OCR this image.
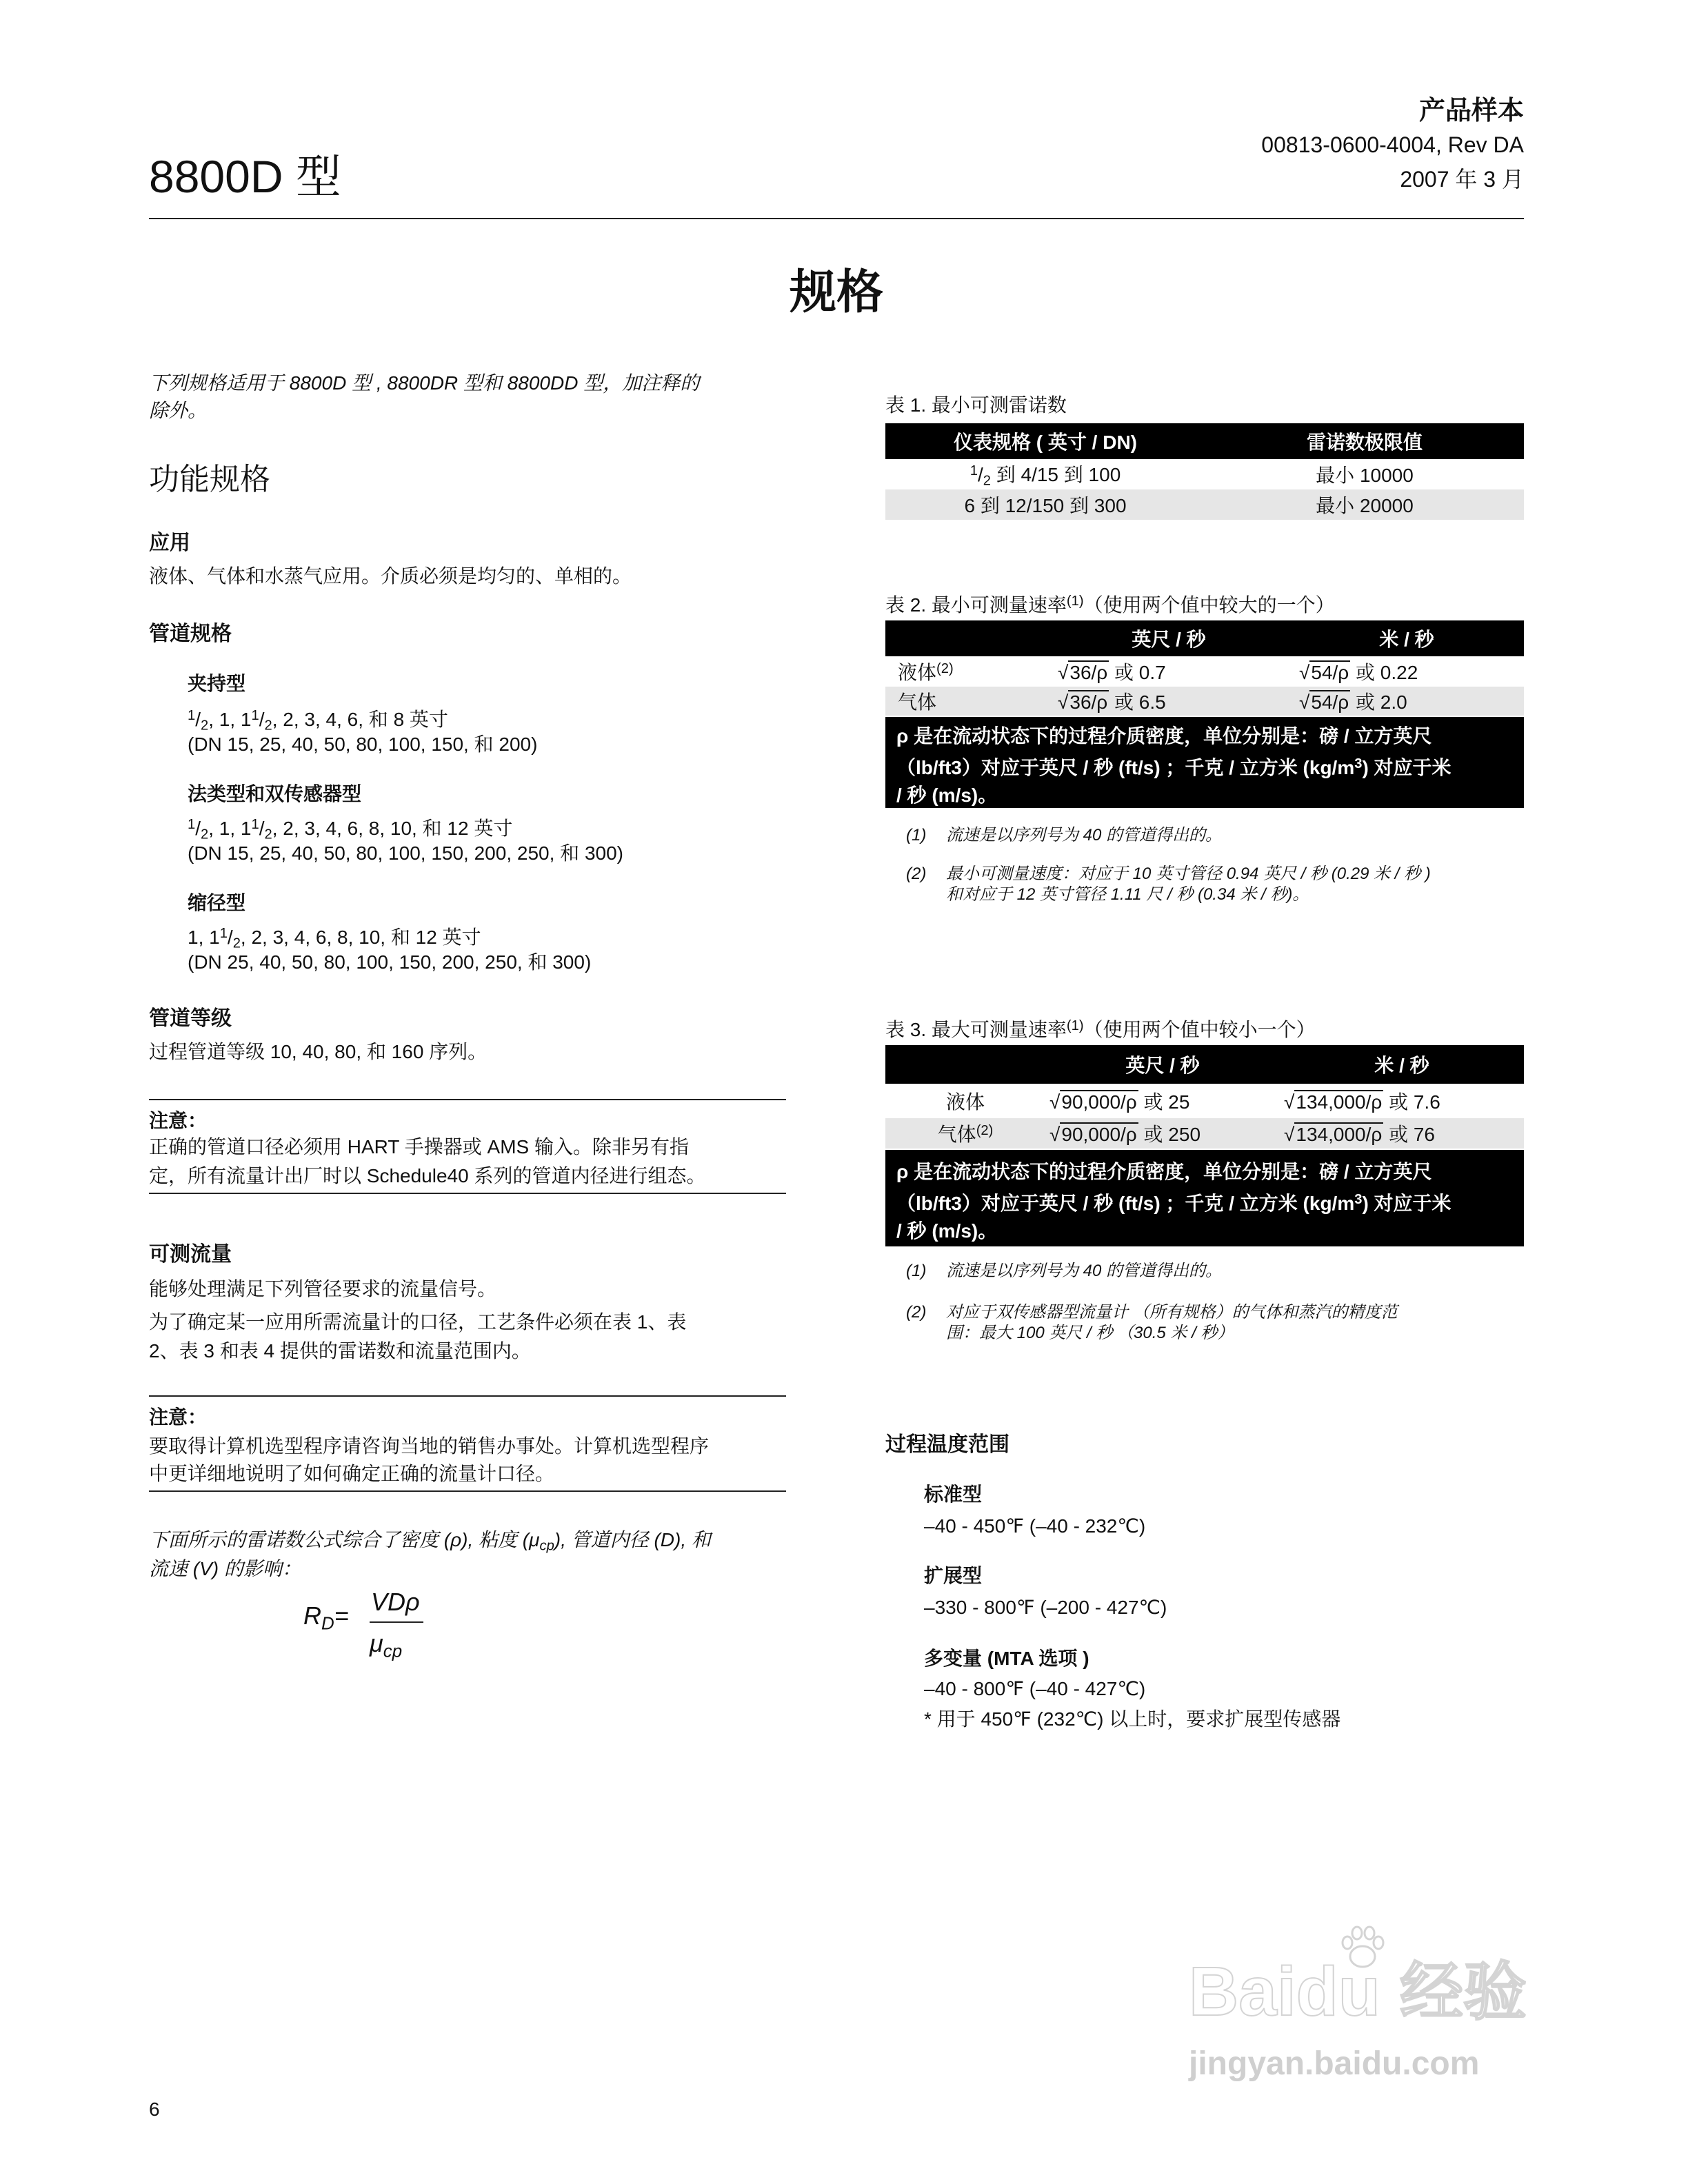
8800D 型
产品样本
00813-0600-4004, Rev DA
2007 年 3 月
规格
下列规格适用于 8800D 型 , 8800DR 型和 8800DD 型，加注释的
除外。
功能规格
应用
液体、气体和水蒸气应用。介质必须是均匀的、单相的。
管道规格
夹持型
$^1/_2$, 1, $1^1/_2$, 2, 3, 4, 6, 和 8 英寸
(DN 15, 25, 40, 50, 80, 100, 150, 和 200)
法类型和双传感器型
$^1/_2$, 1, $1^1/_2$, 2, 3, 4, 6, 8, 10, 和 12 英寸
(DN 15, 25, 40, 50, 80, 100, 150, 200, 250, 和 300)
缩径型
1, $1^1/_2$, 2, 3, 4, 6, 8, 10, 和 12 英寸
(DN 25, 40, 50, 80, 100, 150, 200, 250, 和 300)
管道等级
过程管道等级 10, 40, 80, 和 160 序列。
注意：
正确的管道口径必须用 HART 手操器或 AMS 输入。除非另有指
定，所有流量计出厂时以 Schedule40 系列的管道内径进行组态。
可测流量
能够处理满足下列管径要求的流量信号。
为了确定某一应用所需流量计的口径，工艺条件必须在表 1、表
2、表 3 和表 4 提供的雷诺数和流量范围内。
注意：
要取得计算机选型程序请咨询当地的销售办事处。计算机选型程序
中更详细地说明了如何确定正确的流量计口径。
下面所示的雷诺数公式综合了密度 (ρ), 粘度 $(\mu_{cp})$, 管道内径 (D), 和
流速 (V) 的影响：
$R_D= VD\rho$
$\mu_{cp}$
表 1. 最小可测雷诺数
仪表规格 ( 英寸 / DN)	雷诺数极限值
$^1/_2$ 到 4/15 到 100	最小 10000
6 到 12/150 到 300	最小 20000
表 2. 最小可测量速率$^{(1)}$（使用两个值中较大的一个）
	英尺 / 秒	米 / 秒
液体$^{(2)}$	√36/ρ 或 0.7	√54/ρ 或 0.22
气体	√36/ρ 或 6.5	√54/ρ 或 2.0
ρ 是在流动状态下的过程介质密度，单位分别是：磅 / 立方英尺
（lb/ft3）对应于英尺 / 秒 (ft/s) ；千克 / 立方米 $(kg/m^3)$ 对应于米
/ 秒 (m/s)。
(1) 流速是以序列号为 40 的管道得出的。
(2) 最小可测量速度：对应于 10 英寸管径 0.94 英尺 / 秒 (0.29 米 / 秒 )
和对应于 12 英寸管径 1.11 尺 / 秒 (0.34 米 / 秒)。
表 3. 最大可测量速率$^{(1)}$（使用两个值中较小一个）
	英尺 / 秒	米 / 秒
液体	√90,000/ρ 或 25	√134,000/ρ 或 7.6
气体$^{(2)}$	√90,000/ρ 或 250	√134,000/ρ 或 76
ρ 是在流动状态下的过程介质密度，单位分别是：磅 / 立方英尺
（lb/ft3）对应于英尺 / 秒 (ft/s) ；千克 / 立方米 $(kg/m^3)$ 对应于米
/ 秒 (m/s)。
(1) 流速是以序列号为 40 的管道得出的。
(2) 对应于双传感器型流量计 （所有规格）的气体和蒸汽的精度范
围：最大 100 英尺 / 秒 （30.5 米 / 秒）
过程温度范围
标准型
–40 - 450℉ (–40 - 232℃)
扩展型
–330 - 800℉ (–200 - 427℃)
多变量 (MTA 选项 )
–40 - 800℉ (–40 - 427℃)
* 用于 450℉ (232℃) 以上时，要求扩展型传感器
6
Baidu 经验
jingyan.baidu.com
